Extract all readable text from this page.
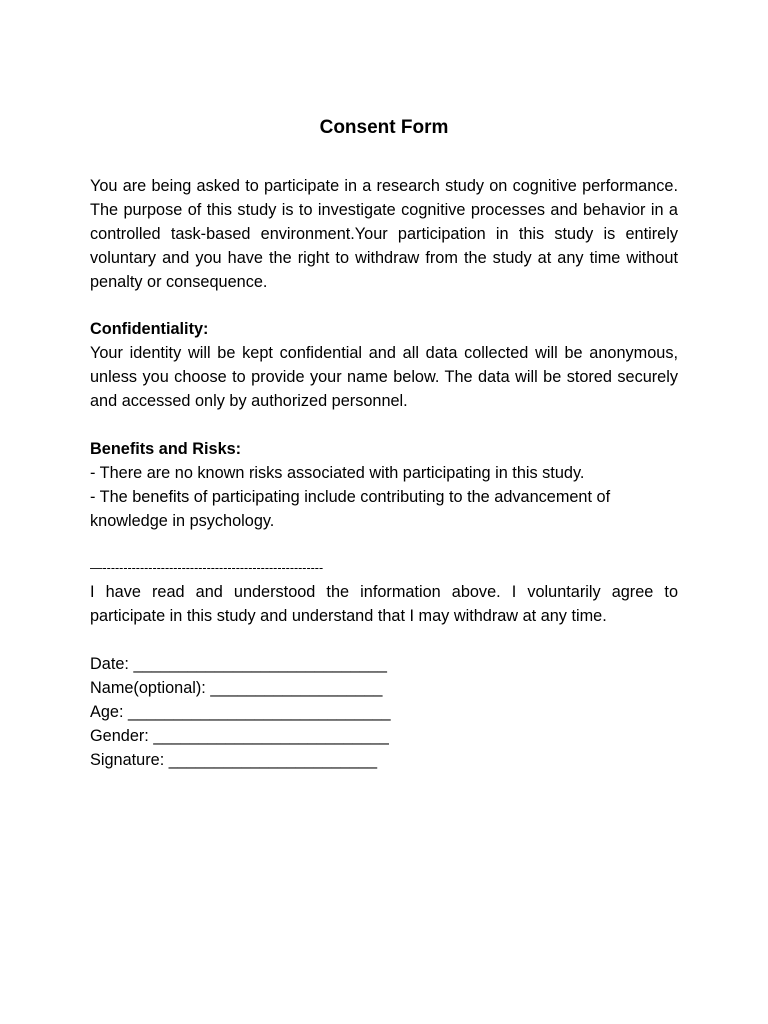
Consent Form

You are being asked to participate in a research study on cognitive performance. The purpose of this study is to investigate cognitive processes and behavior in a controlled task-based environment.Your participation in this study is entirely voluntary and you have the right to withdraw from the study at any time without penalty or consequence.

Confidentiality:

Your identity will be kept confidential and all data collected will be anonymous, unless you choose to provide your name below. The data will be stored securely and accessed only by authorized personnel.

Benefits and Risks:

- There are no known risks associated with participating in this study.

- The benefits of participating include contributing to the advancement of knowledge in psychology.

—-----------------------------------------------------

I have read and understood the information above. I voluntarily agree to participate in this study and understand that I may withdraw at any time.

Date: ____________________________

Name(optional): ___________________

Age: _____________________________

Gender: __________________________

Signature: _______________________
